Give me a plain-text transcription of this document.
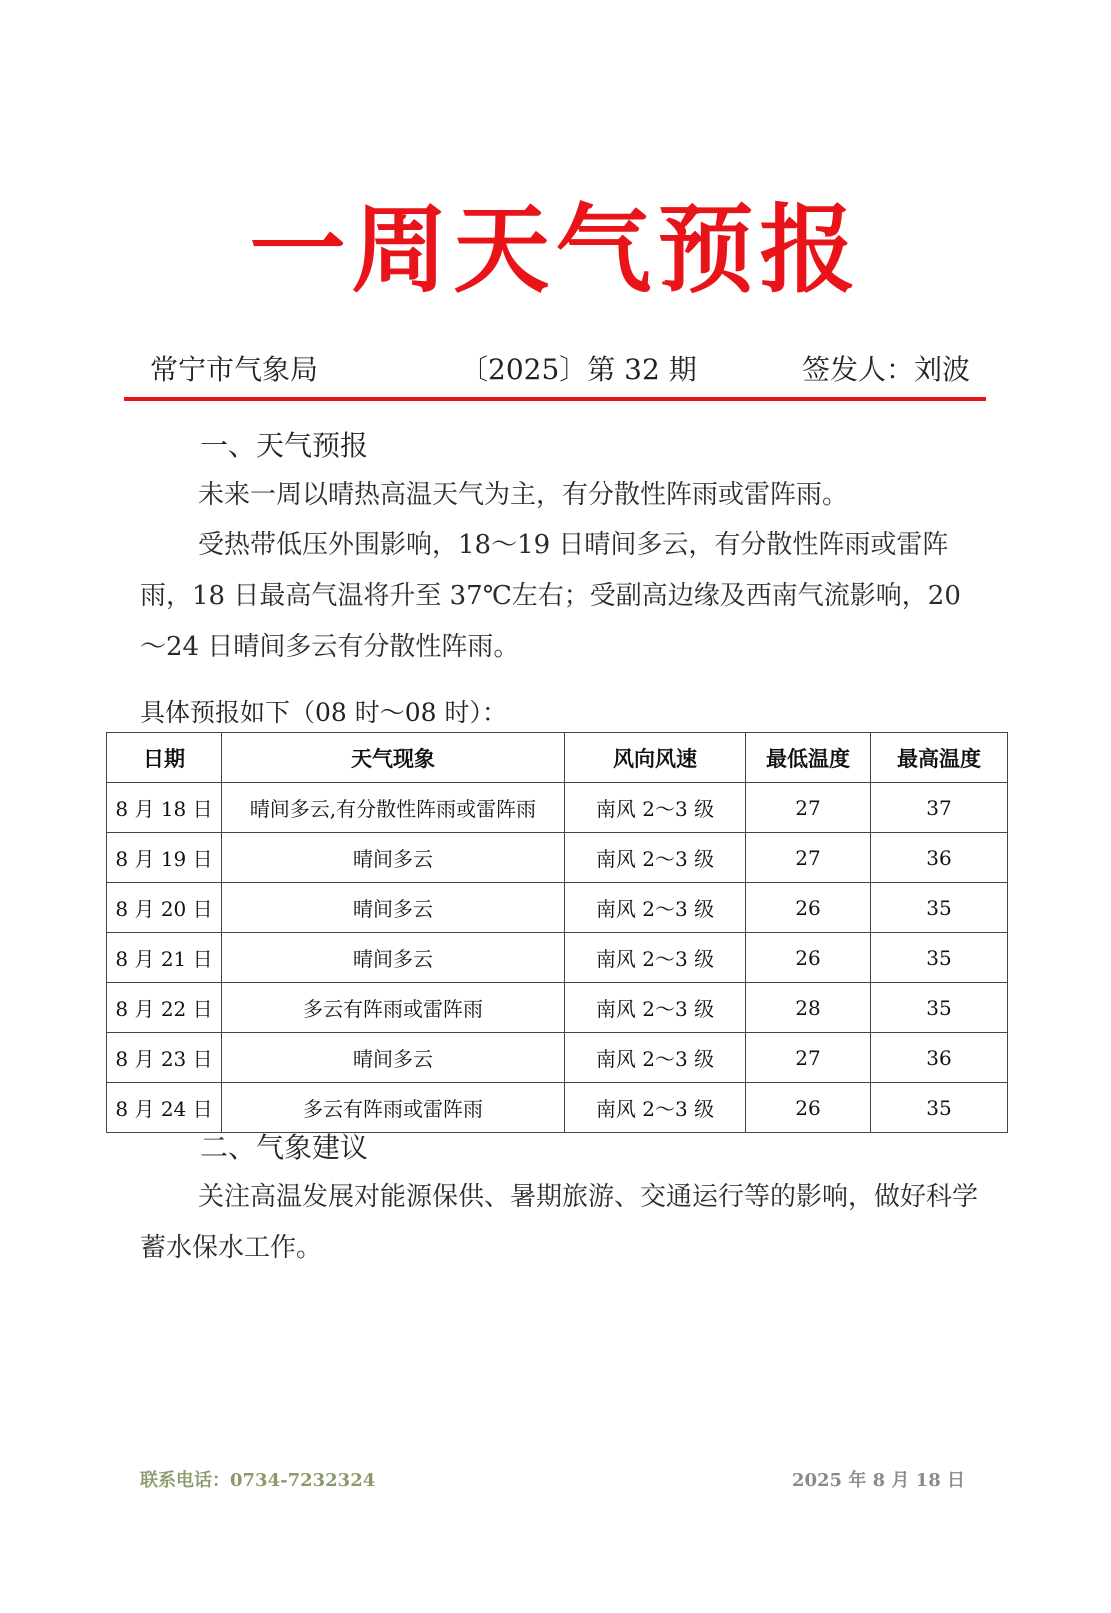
一周天气预报
常宁市气象局	〔2025〕第 32 期	签发人：刘波
一、天气预报

未来一周以晴热高温天气为主，有分散性阵雨或雷阵雨。

受热带低压外围影响，18～19 日晴间多云，有分散性阵雨或雷阵雨，18 日最高气温将升至 37℃左右；受副高边缘及西南气流影响，20～24 日晴间多云有分散性阵雨。

具体预报如下（08 时～08 时）：
日期	天气现象	风向风速	最低温度	最高温度
8 月 18 日	晴间多云,有分散性阵雨或雷阵雨	南风 2～3 级	27	37
8 月 19 日	晴间多云	南风 2～3 级	27	36
8 月 20 日	晴间多云	南风 2～3 级	26	35
8 月 21 日	晴间多云	南风 2～3 级	26	35
8 月 22 日	多云有阵雨或雷阵雨	南风 2～3 级	28	35
8 月 23 日	晴间多云	南风 2～3 级	27	36
8 月 24 日	多云有阵雨或雷阵雨	南风 2～3 级	26	35
二、气象建议

关注高温发展对能源保供、暑期旅游、交通运行等的影响，做好科学蓄水保水工作。

联系电话：0734-7232324	2025 年 8 月 18 日
